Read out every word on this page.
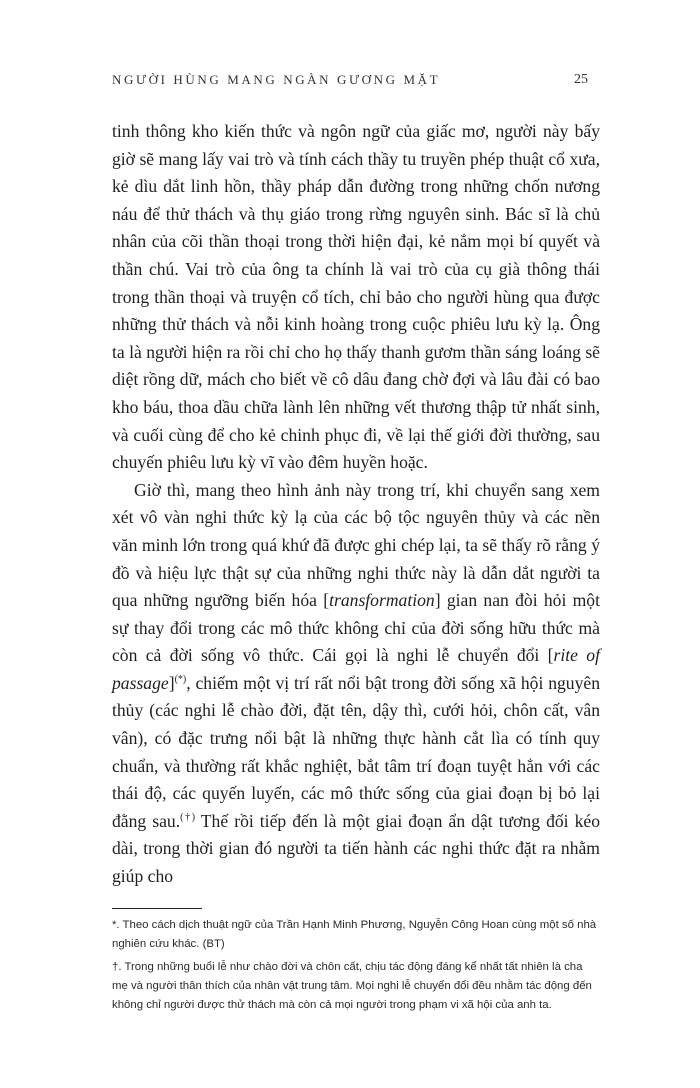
NGƯỜI HÙNG MANG NGÀN GƯƠNG MẶT	25

tinh thông kho kiến thức và ngôn ngữ của giấc mơ, người này bấy giờ sẽ mang lấy vai trò và tính cách thầy tu truyền phép thuật cổ xưa, kẻ dìu dắt linh hồn, thầy pháp dẫn đường trong những chốn nương náu để thử thách và thụ giáo trong rừng nguyên sinh. Bác sĩ là chủ nhân của cõi thần thoại trong thời hiện đại, kẻ nắm mọi bí quyết và thần chú. Vai trò của ông ta chính là vai trò của cụ già thông thái trong thần thoại và truyện cổ tích, chỉ bảo cho người hùng qua được những thử thách và nỗi kinh hoàng trong cuộc phiêu lưu kỳ lạ. Ông ta là người hiện ra rồi chỉ cho họ thấy thanh gươm thần sáng loáng sẽ diệt rồng dữ, mách cho biết về cô dâu đang chờ đợi và lâu đài có bao kho báu, thoa dầu chữa lành lên những vết thương thập tử nhất sinh, và cuối cùng để cho kẻ chinh phục đi, về lại thế giới đời thường, sau chuyến phiêu lưu kỳ vĩ vào đêm huyền hoặc.

Giờ thì, mang theo hình ảnh này trong trí, khi chuyển sang xem xét vô vàn nghi thức kỳ lạ của các bộ tộc nguyên thủy và các nền văn minh lớn trong quá khứ đã được ghi chép lại, ta sẽ thấy rõ rằng ý đồ và hiệu lực thật sự của những nghi thức này là dẫn dắt người ta qua những ngưỡng biến hóa [transformation] gian nan đòi hỏi một sự thay đổi trong các mô thức không chỉ của đời sống hữu thức mà còn cả đời sống vô thức. Cái gọi là nghi lễ chuyển đổi [rite of passage](*), chiếm một vị trí rất nổi bật trong đời sống xã hội nguyên thủy (các nghi lễ chào đời, đặt tên, dậy thì, cưới hỏi, chôn cất, vân vân), có đặc trưng nổi bật là những thực hành cắt lìa có tính quy chuẩn, và thường rất khắc nghiệt, bắt tâm trí đoạn tuyệt hẳn với các thái độ, các quyến luyến, các mô thức sống của giai đoạn bị bỏ lại đằng sau.(†) Thế rồi tiếp đến là một giai đoạn ẩn dật tương đối kéo dài, trong thời gian đó người ta tiến hành các nghi thức đặt ra nhằm giúp cho

*. Theo cách dịch thuật ngữ của Trần Hạnh Minh Phương, Nguyễn Công Hoan cùng một số nhà nghiên cứu khác. (BT)

†. Trong những buổi lễ như chào đời và chôn cất, chịu tác động đáng kể nhất tất nhiên là cha mẹ và người thân thích của nhân vật trung tâm. Mọi nghi lễ chuyển đổi đều nhằm tác động đến không chỉ người được thử thách mà còn cả mọi người trong phạm vi xã hội của anh ta.
